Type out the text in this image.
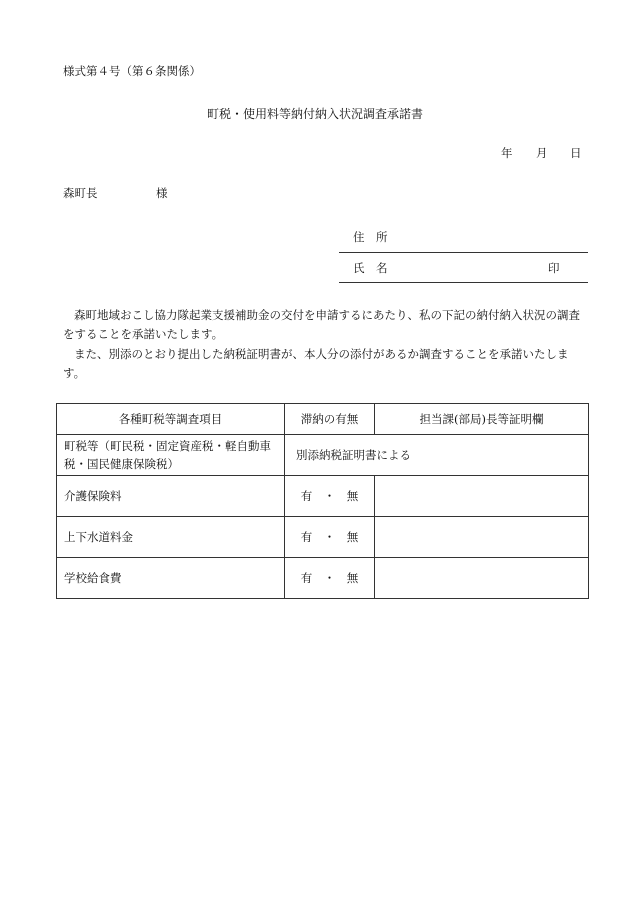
様式第４号（第６条関係）
町税・使用料等納付納入状況調査承諾書
年 月 日
森町長	様
住　所
氏　名	印
森町地域おこし協力隊起業支援補助金の交付を申請するにあたり、私の下記の納付納入状況の調査をすることを承諾いたします。
また、別添のとおり提出した納税証明書が、本人分の添付があるか調査することを承諾いたします。
各種町税等調査項目	滞納の有無	担当課(部局)長等証明欄
町税等（町民税・固定資産税・軽自動車税・国民健康保険税）	別添納税証明書による	
介護保険料	有　・　無	
上下水道料金	有　・　無	
学校給食費	有　・　無	
